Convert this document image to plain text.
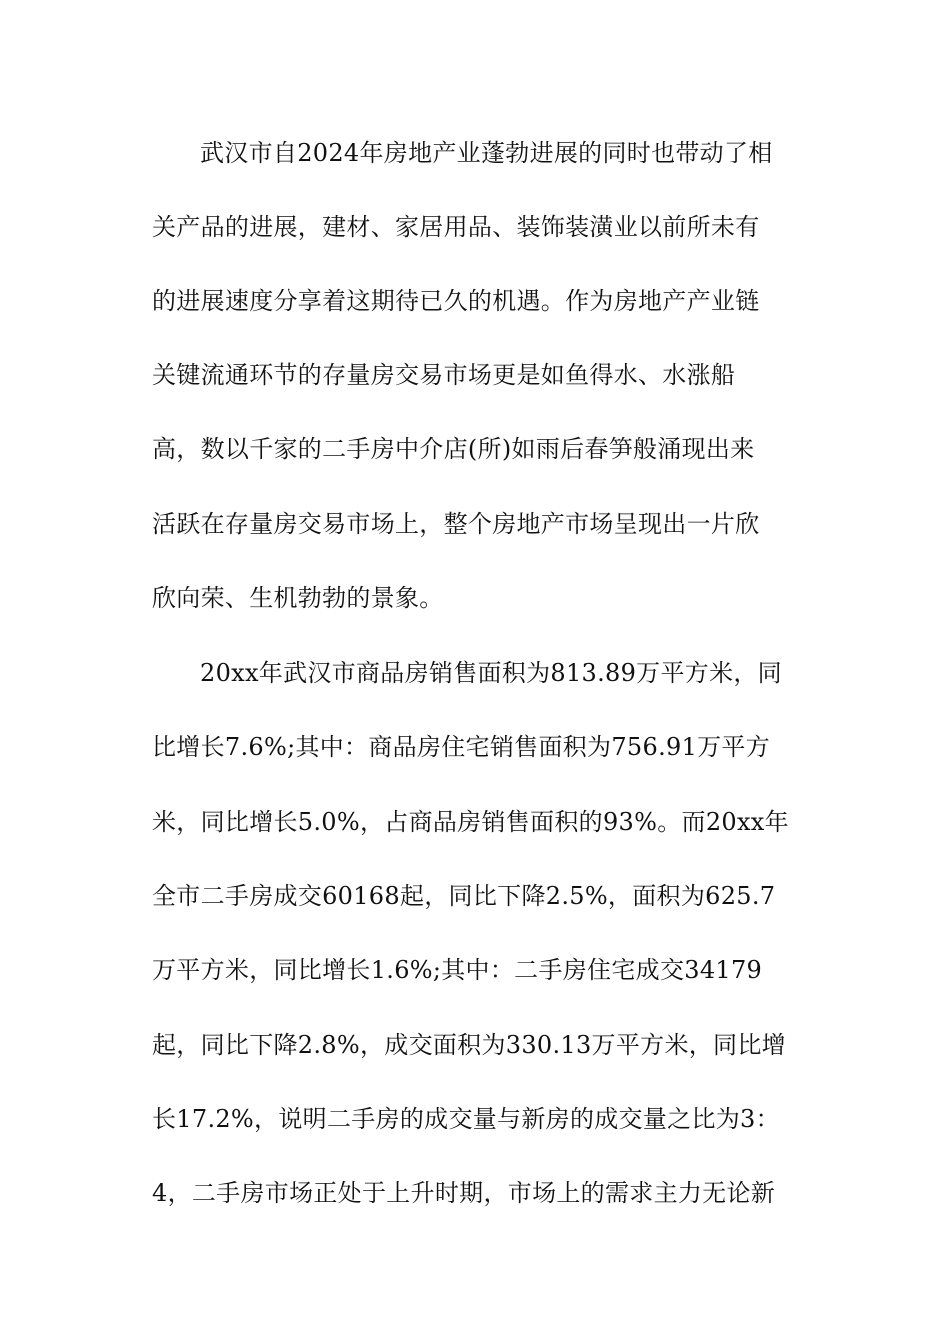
武汉市自2024年房地产业蓬勃进展的同时也带动了相
关产品的进展，建材、家居用品、装饰装潢业以前所未有
的进展速度分享着这期待已久的机遇。作为房地产产业链
关键流通环节的存量房交易市场更是如鱼得水、水涨船
高，数以千家的二手房中介店(所)如雨后春笋般涌现出来
活跃在存量房交易市场上，整个房地产市场呈现出一片欣
欣向荣、生机勃勃的景象。
20xx年武汉市商品房销售面积为813.89万平方米，同
比增长7.6%;其中：商品房住宅销售面积为756.91万平方
米，同比增长5.0%，占商品房销售面积的93%。而20xx年
全市二手房成交60168起，同比下降2.5%，面积为625.7
万平方米，同比增长1.6%;其中：二手房住宅成交34179
起，同比下降2.8%，成交面积为330.13万平方米，同比增
长17.2%，说明二手房的成交量与新房的成交量之比为3：
4，二手房市场正处于上升时期，市场上的需求主力无论新
